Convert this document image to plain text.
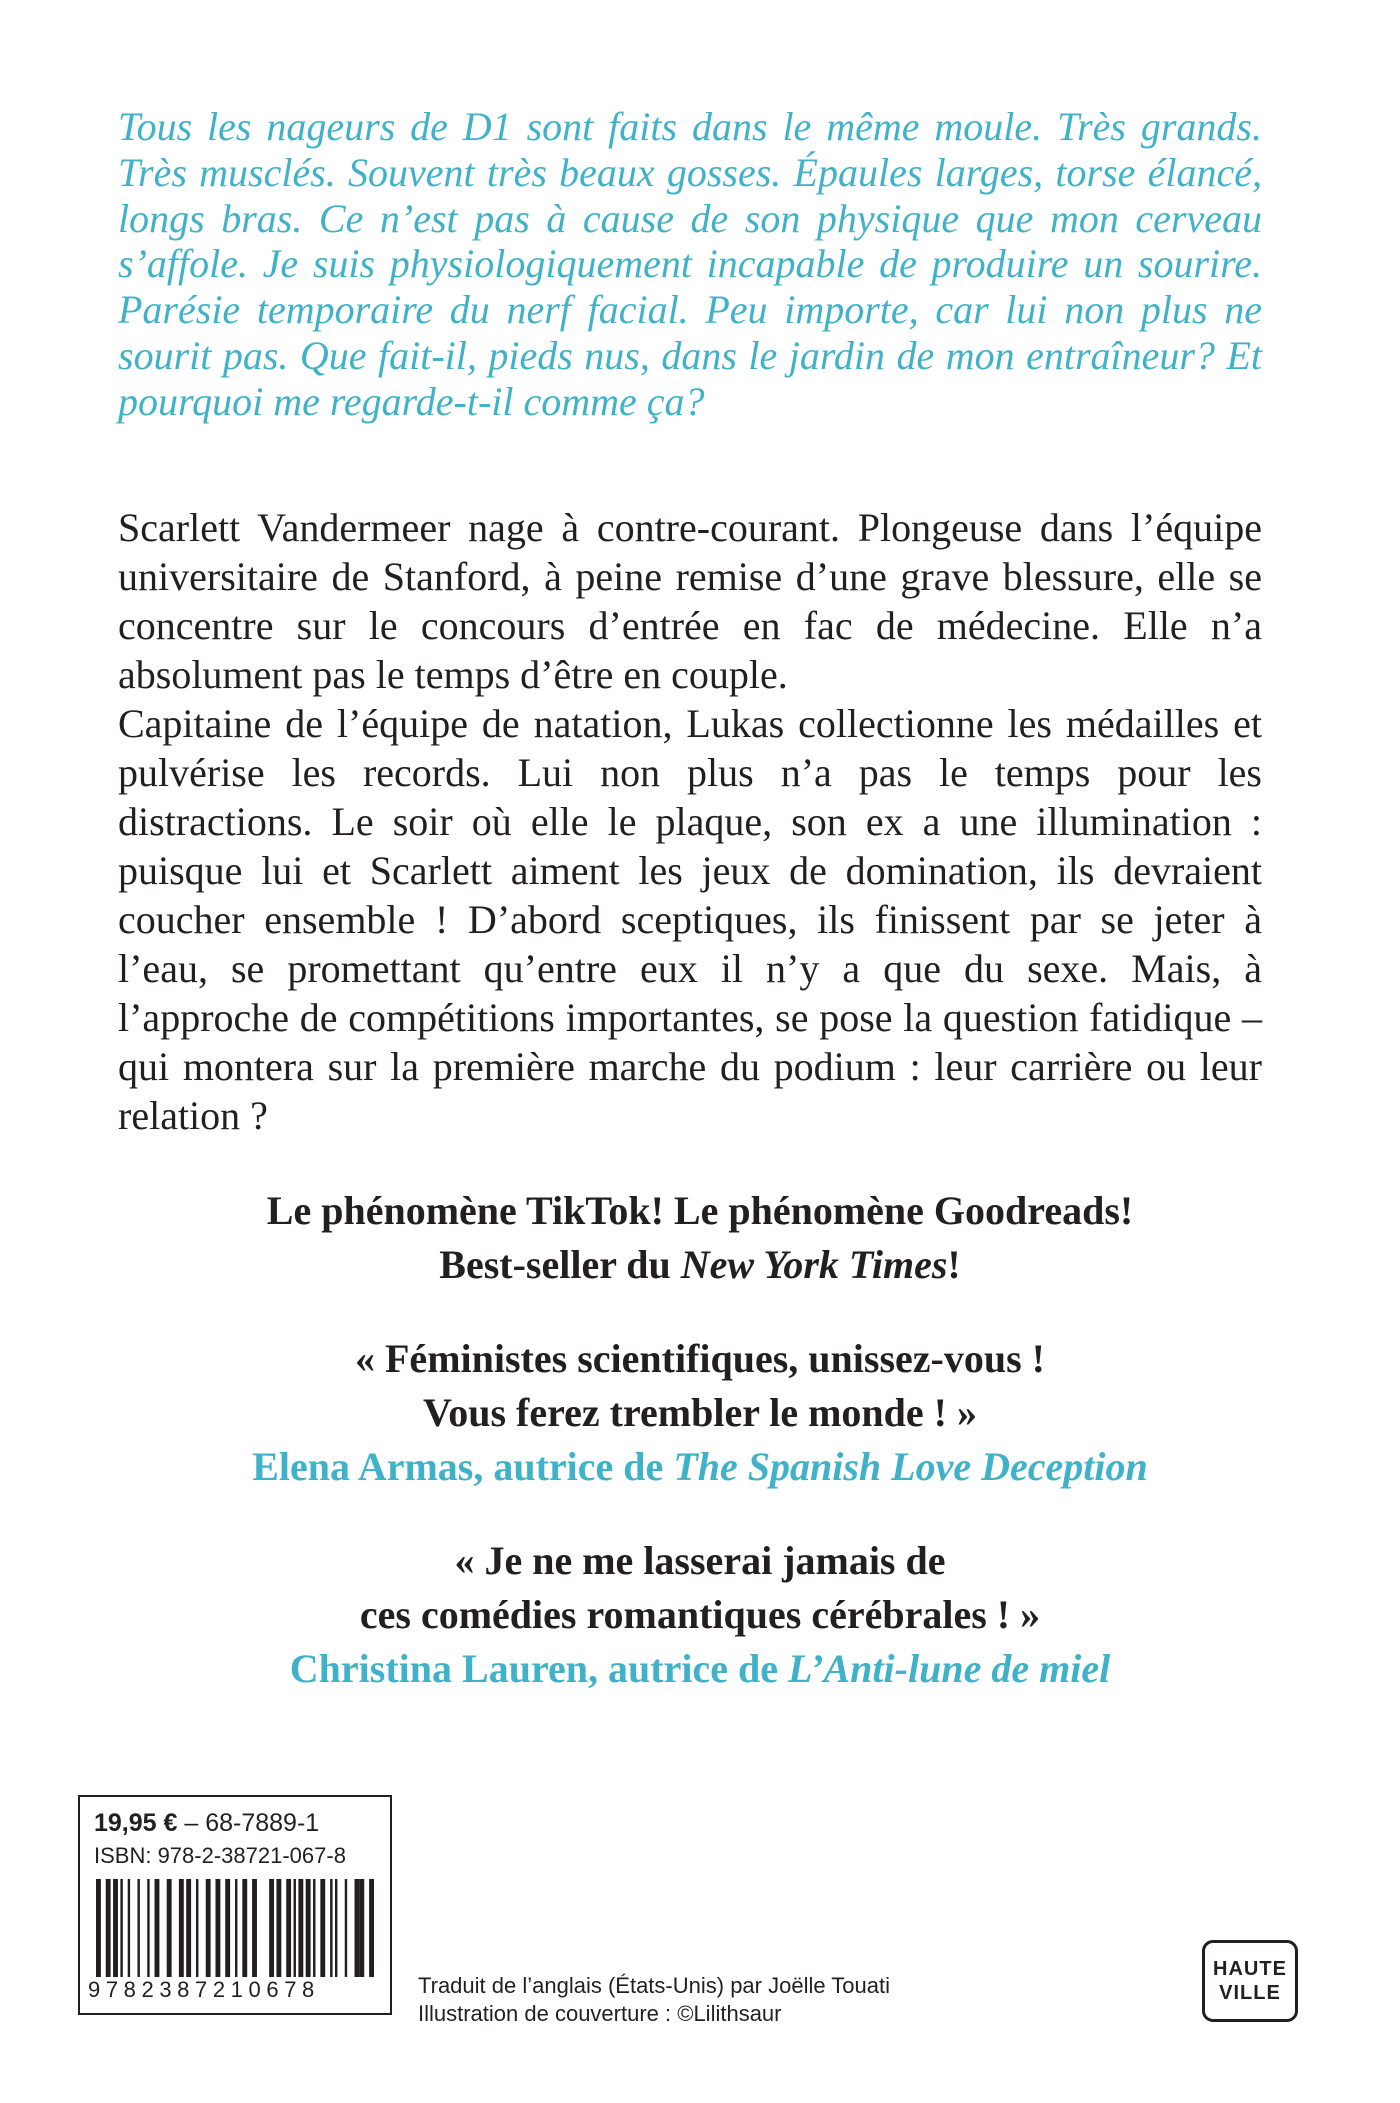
Tous les nageurs de D1 sont faits dans le même moule. Très grands. Très musclés. Souvent très beaux gosses. Épaules larges, torse élancé, longs bras. Ce n’est pas à cause de son physique que mon cerveau s’affole. Je suis physiologiquement incapable de produire un sourire. Parésie temporaire du nerf facial. Peu importe, car lui non plus ne sourit pas. Que fait-il, pieds nus, dans le jardin de mon entraîneur? Et pourquoi me regarde-t-il comme ça?

Scarlett Vandermeer nage à contre-courant. Plongeuse dans l’équipe universitaire de Stanford, à peine remise d’une grave blessure, elle se concentre sur le concours d’entrée en fac de médecine. Elle n’a absolument pas le temps d’être en couple.

Capitaine de l’équipe de natation, Lukas collectionne les médailles et pulvérise les records. Lui non plus n’a pas le temps pour les distractions. Le soir où elle le plaque, son ex a une illumination : puisque lui et Scarlett aiment les jeux de domination, ils devraient coucher ensemble ! D’abord sceptiques, ils finissent par se jeter à l’eau, se promettant qu’entre eux il n’y a que du sexe. Mais, à l’approche de compétitions importantes, se pose la question fatidique – qui montera sur la première marche du podium : leur carrière ou leur relation ?

Le phénomène TikTok! Le phénomène Goodreads!
Best-seller du New York Times!
« Féministes scientifiques, unissez-vous !
Vous ferez trembler le monde ! »
Elena Armas, autrice de The Spanish Love Deception
« Je ne me lasserai jamais de
ces comédies romantiques cérébrales ! »
Christina Lauren, autrice de L’Anti-lune de miel
19,95 € – 68-7889-1
ISBN: 978-2-38721-067-8
9782387210678	Traduit de l’anglais (États-Unis) par Joëlle Touati
Illustration de couverture : ©Lilithsaur
HAUTE
VILLE
